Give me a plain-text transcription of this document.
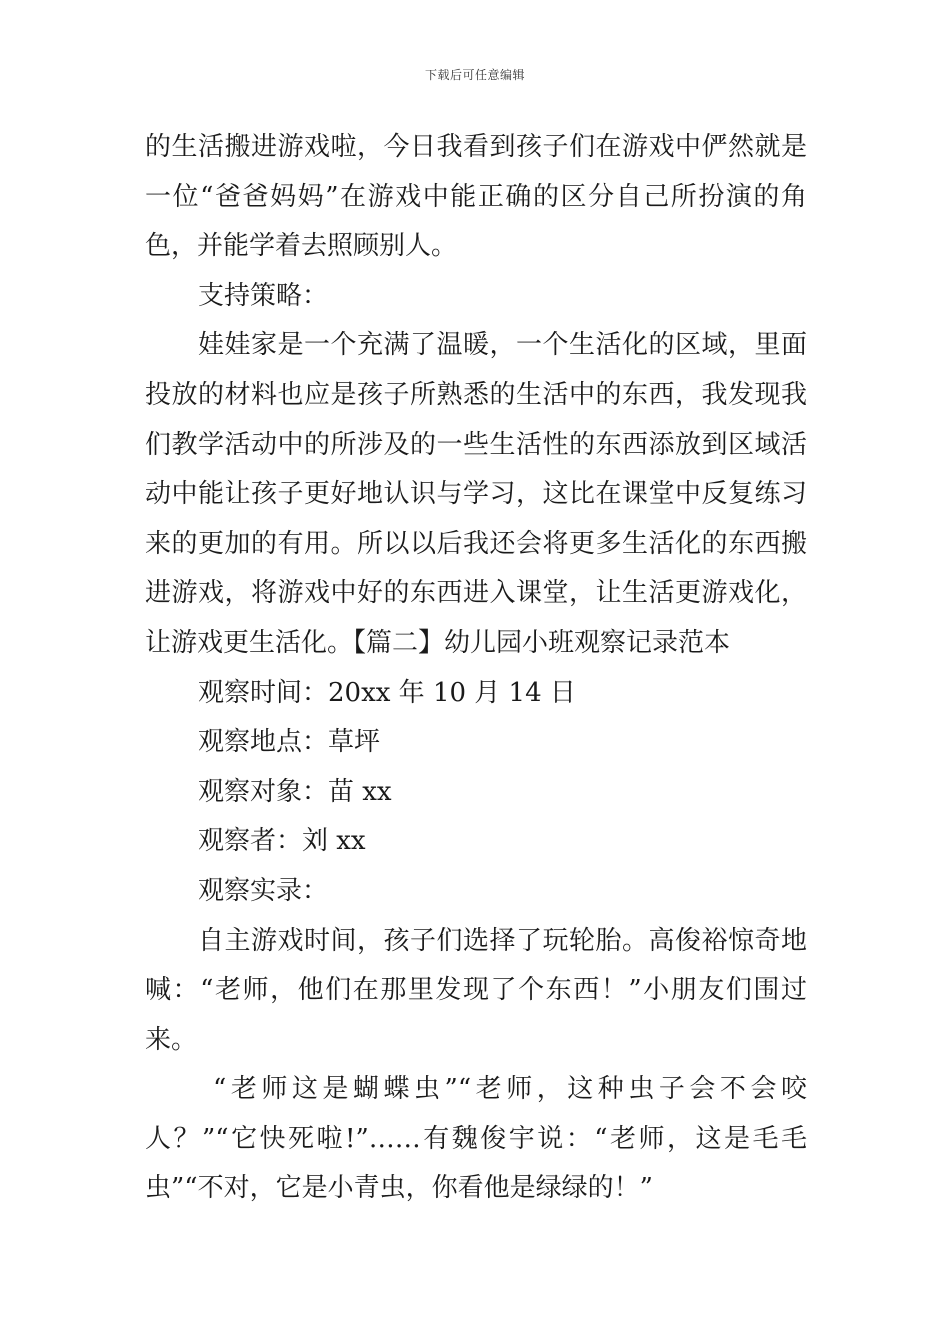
下载后可任意编辑
的生活搬进游戏啦，今日我看到孩子们在游戏中俨然就是
一位“爸爸妈妈”在游戏中能正确的区分自己所扮演的角
色，并能学着去照顾别人。
支持策略：
娃娃家是一个充满了温暖，一个生活化的区域，里面
投放的材料也应是孩子所熟悉的生活中的东西，我发现我
们教学活动中的所涉及的一些生活性的东西添放到区域活
动中能让孩子更好地认识与学习，这比在课堂中反复练习
来的更加的有用。所以以后我还会将更多生活化的东西搬
进游戏，将游戏中好的东西进入课堂，让生活更游戏化，
让游戏更生活化。【篇二】幼儿园小班观察记录范本
观察时间：20xx 年 10 月 14 日
观察地点：草坪
观察对象：苗 xx
观察者：刘 xx
观察实录：
自主游戏时间，孩子们选择了玩轮胎。高俊裕惊奇地
喊：“老师，他们在那里发现了个东西！”小朋友们围过
来。
“老师这是蝴蝶虫”“老师，这种虫子会不会咬
人？”“它快死啦!”……有魏俊宇说：“老师，这是毛毛
虫”“不对，它是小青虫，你看他是绿绿的！”
